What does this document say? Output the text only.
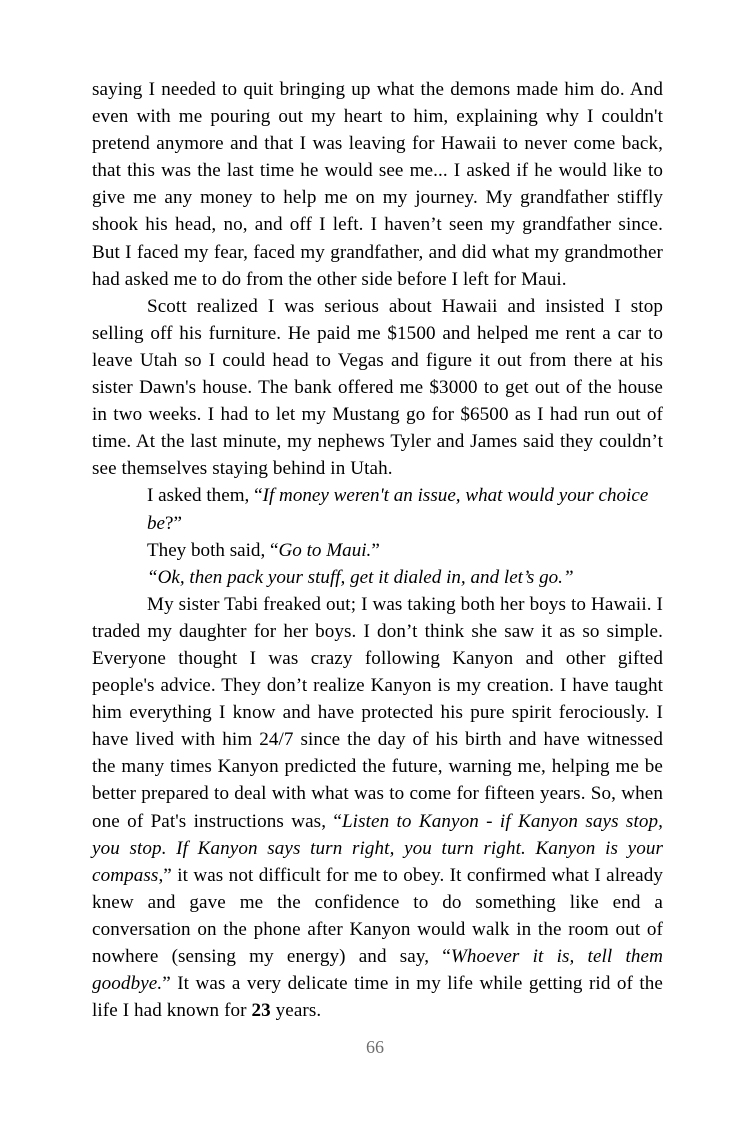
saying I needed to quit bringing up what the demons made him do. And even with me pouring out my heart to him, explaining why I couldn't pretend anymore and that I was leaving for Hawaii to never come back, that this was the last time he would see me... I asked if he would like to give me any money to help me on my journey. My grandfather stiffly shook his head, no, and off I left. I haven’t seen my grandfather since. But I faced my fear, faced my grandfather, and did what my grandmother had asked me to do from the other side before I left for Maui.

Scott realized I was serious about Hawaii and insisted I stop selling off his furniture. He paid me $1500 and helped me rent a car to leave Utah so I could head to Vegas and figure it out from there at his sister Dawn's house. The bank offered me $3000 to get out of the house in two weeks. I had to let my Mustang go for $6500 as I had run out of time. At the last minute, my nephews Tyler and James said they couldn’t see themselves staying behind in Utah.

I asked them, “If money weren't an issue, what would your choice be?”

They both said, “Go to Maui.”

“Ok, then pack your stuff, get it dialed in, and let’s go.”

My sister Tabi freaked out; I was taking both her boys to Hawaii. I traded my daughter for her boys. I don’t think she saw it as so simple. Everyone thought I was crazy following Kanyon and other gifted people's advice. They don’t realize Kanyon is my creation. I have taught him everything I know and have protected his pure spirit ferociously. I have lived with him 24/7 since the day of his birth and have witnessed the many times Kanyon predicted the future, warning me, helping me be better prepared to deal with what was to come for fifteen years. So, when one of Pat's instructions was, “Listen to Kanyon - if Kanyon says stop, you stop. If Kanyon says turn right, you turn right. Kanyon is your compass,” it was not difficult for me to obey. It confirmed what I already knew and gave me the confidence to do something like end a conversation on the phone after Kanyon would walk in the room out of nowhere (sensing my energy) and say, “Whoever it is, tell them goodbye.” It was a very delicate time in my life while getting rid of the life I had known for 23 years.

66
